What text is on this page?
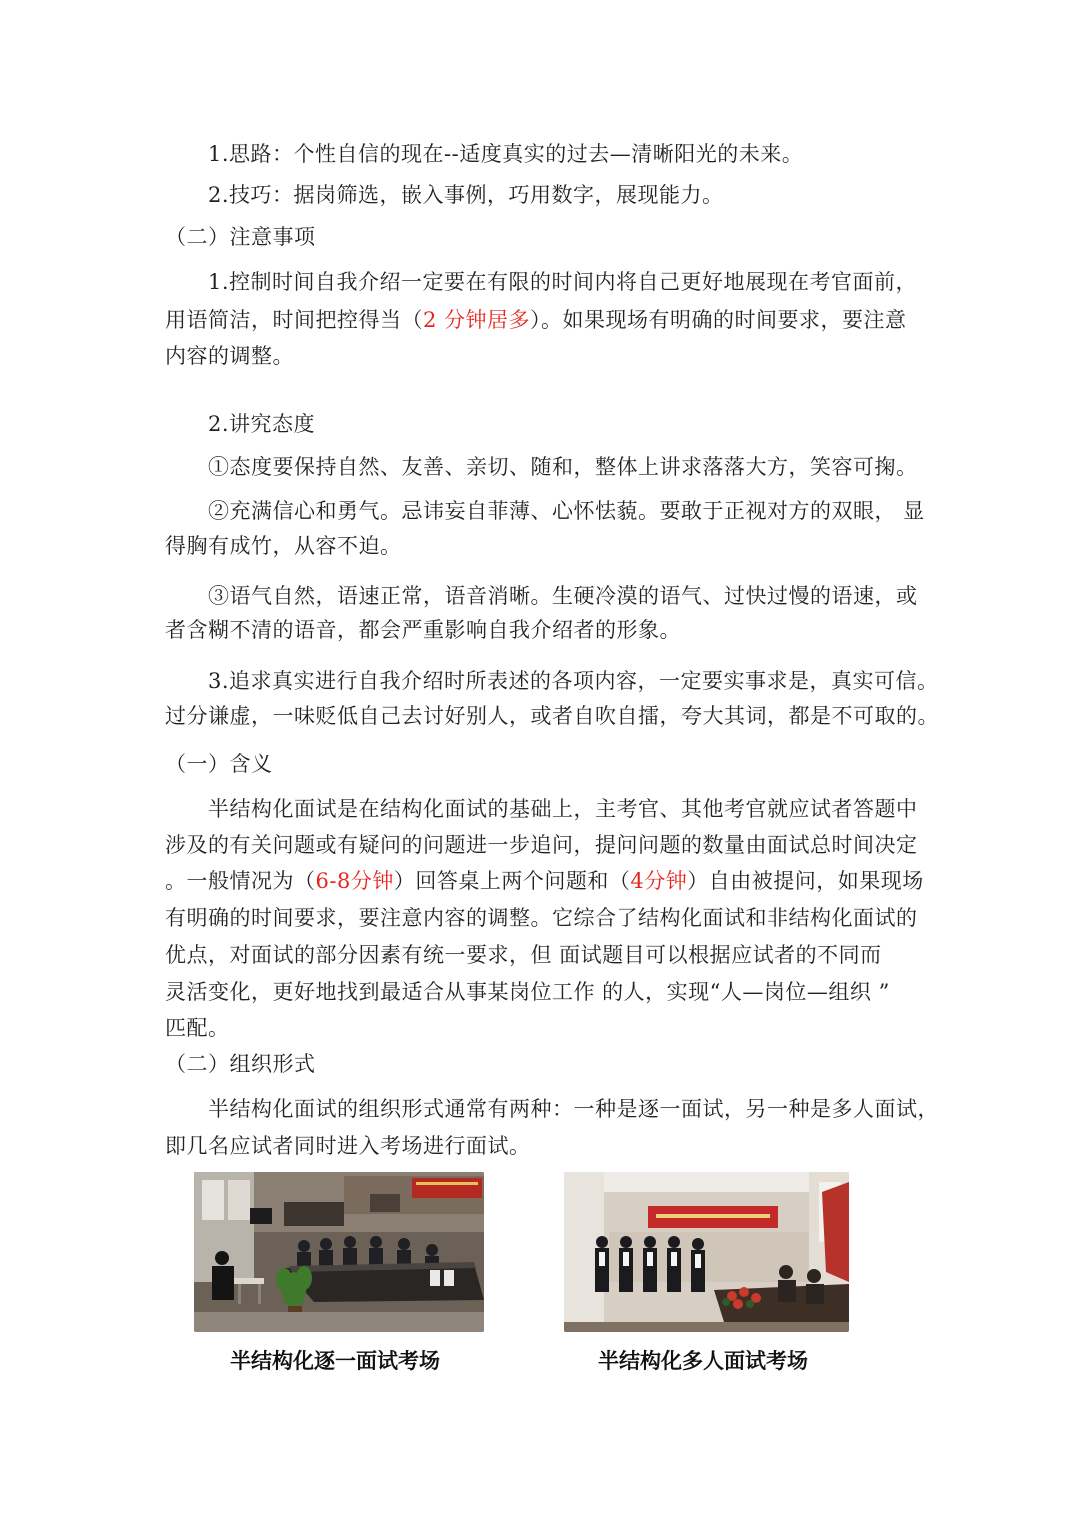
1.思路：个性自信的现在--适度真实的过去—清晰阳光的未来。
2.技巧：据岗筛选，嵌入事例，巧用数字，展现能力。
（二）注意事项
1.控制时间自我介绍一定要在有限的时间内将自己更好地展现在考官面前，
用语简洁，时间把控得当（2 分钟居多）。如果现场有明确的时间要求，要注意
内容的调整。
2.讲究态度
①态度要保持自然、友善、亲切、随和，整体上讲求落落大方，笑容可掬。
②充满信心和勇气。忌讳妄自菲薄、心怀怯藐。要敢于正视对方的双眼， 显
得胸有成竹，从容不迫。
③语气自然，语速正常，语音消晰。生硬冷漠的语气、过快过慢的语速，或
者含糊不清的语音，都会严重影响自我介绍者的形象。
3.追求真实进行自我介绍时所表述的各项内容，一定要实事求是，真实可信。
过分谦虚，一味贬低自己去讨好别人，或者自吹自擂，夸大其词，都是不可取的。
（一）含义
半结构化面试是在结构化面试的基础上，主考官、其他考官就应试者答题中
涉及的有关问题或有疑问的问题进一步追问，提问问题的数量由面试总时间决定
。一般情况为（6-8分钟）回答桌上两个问题和（4分钟）自由被提问，如果现场
有明确的时间要求，要注意内容的调整。它综合了结构化面试和非结构化面试的
优点，对面试的部分因素有统一要求，但 面试题目可以根据应试者的不同而
灵活变化，更好地找到最适合从事某岗位工作 的人，实现“人—岗位—组织 ”
匹配。
（二）组织形式
半结构化面试的组织形式通常有两种：一种是逐一面试，另一种是多人面试，
即几名应试者同时进入考场进行面试。
半结构化逐一面试考场	半结构化多人面试考场
